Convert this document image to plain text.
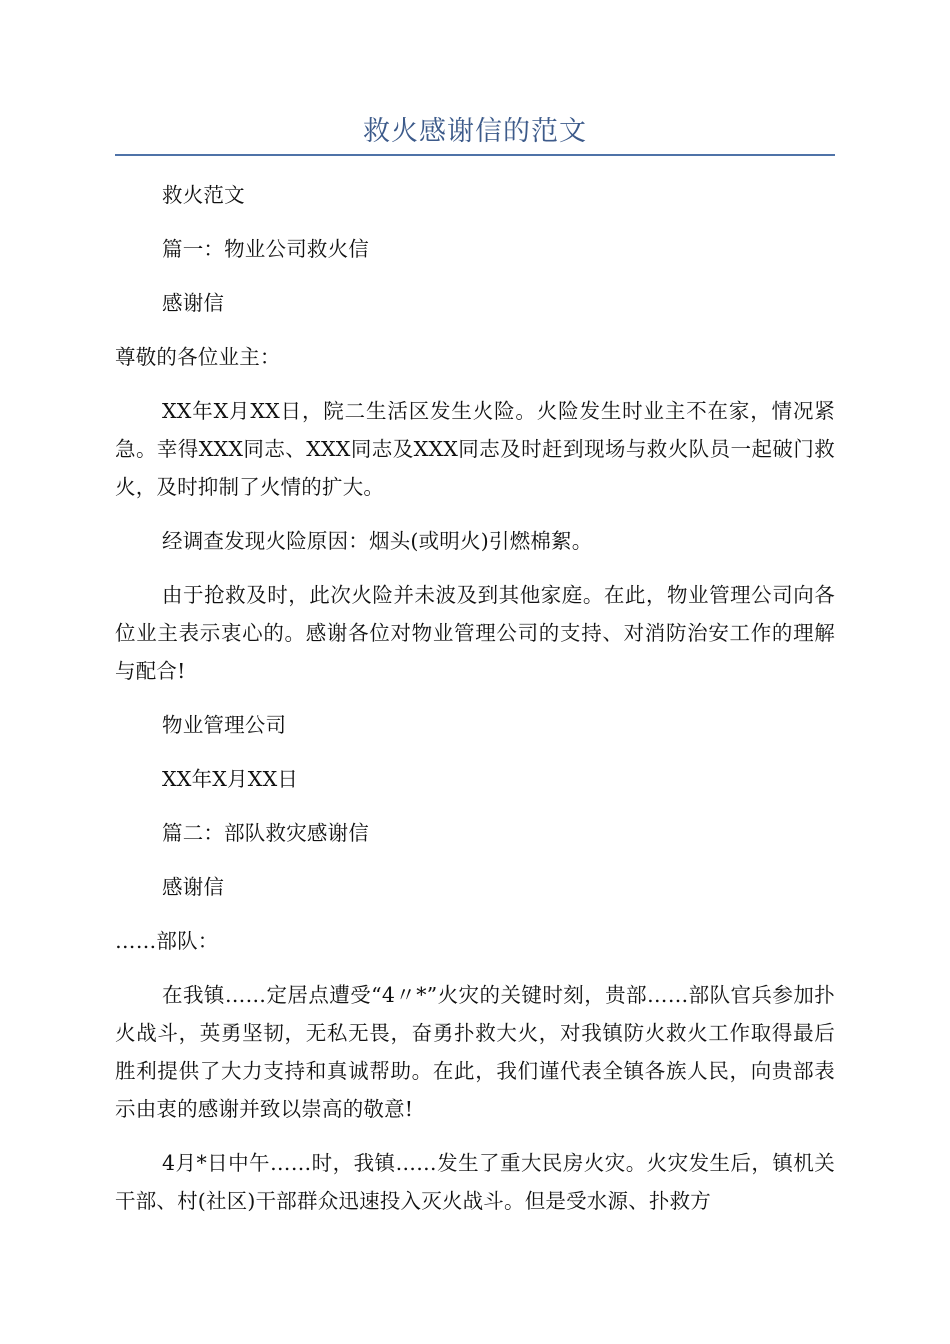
救火感谢信的范文

救火范文

篇一：物业公司救火信

感谢信

尊敬的各位业主：

XX年X月XX日，院二生活区发生火险。火险发生时业主不在家，情况紧急。幸得XXX同志、XXX同志及XXX同志及时赶到现场与救火队员一起破门救火，及时抑制了火情的扩大。

经调查发现火险原因：烟头(或明火)引燃棉絮。

由于抢救及时，此次火险并未波及到其他家庭。在此，物业管理公司向各位业主表示衷心的。感谢各位对物业管理公司的支持、对消防治安工作的理解与配合!

物业管理公司

XX年X月XX日

篇二：部队救灾感谢信

感谢信

……部队：

在我镇……定居点遭受“4〃*”火灾的关键时刻，贵部……部队官兵参加扑火战斗，英勇坚韧，无私无畏，奋勇扑救大火，对我镇防火救火工作取得最后胜利提供了大力支持和真诚帮助。在此，我们谨代表全镇各族人民，向贵部表示由衷的感谢并致以崇高的敬意!

4月*日中午……时，我镇……发生了重大民房火灾。火灾发生后，镇机关干部、村(社区)干部群众迅速投入灭火战斗。但是受水源、扑救方
